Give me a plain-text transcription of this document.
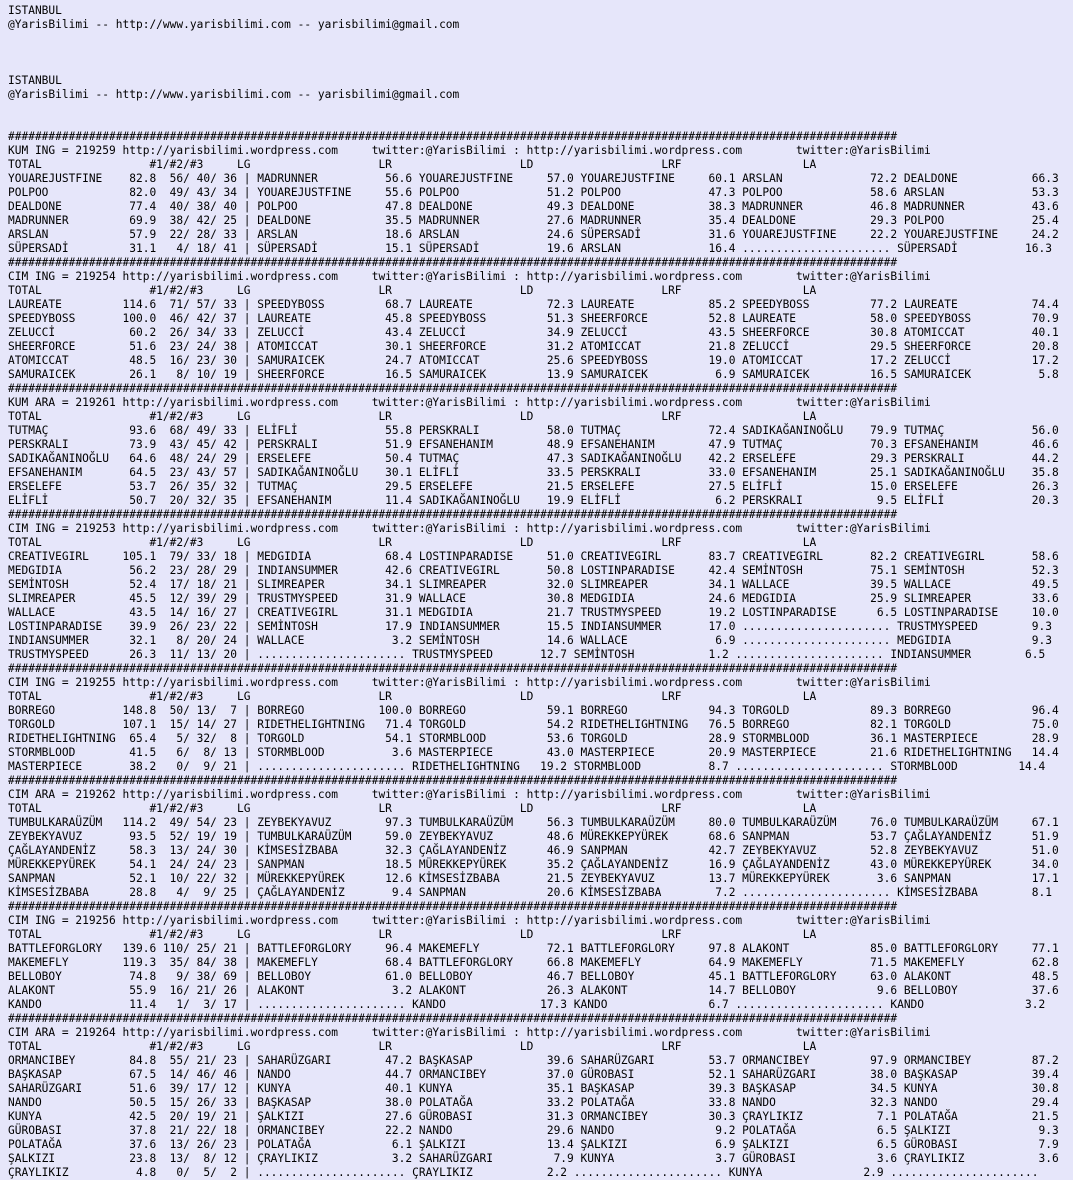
ISTANBUL
@YarisBilimi -- http://www.yarisbilimi.com -- yarisbilimi@gmail.com

ISTANBUL
@YarisBilimi -- http://www.yarisbilimi.com -- yarisbilimi@gmail.com

####################################################################################################################################
KUM ING = 219259 http://yarisbilimi.wordpress.com     twitter:@YarisBilimi : http://yarisbilimi.wordpress.com        twitter:@YarisBilimi
TOTAL                #1/#2/#3     LG                   LR                   LD                   LRF                  LA
YOUAREJUSTFINE    82.8  56/ 40/ 36 | MADRUNNER          56.6 YOUAREJUSTFINE     57.0 YOUAREJUSTFINE     60.1 ARSLAN             72.2 DEALDONE           66.3
POLPOO            82.0  49/ 43/ 34 | YOUAREJUSTFINE     55.6 POLPOO             51.2 POLPOO             47.3 POLPOO             58.6 ARSLAN             53.3
DEALDONE          77.4  40/ 38/ 40 | POLPOO             47.8 DEALDONE           49.3 DEALDONE           38.3 MADRUNNER          46.8 MADRUNNER          43.6
MADRUNNER         69.9  38/ 42/ 25 | DEALDONE           35.5 MADRUNNER          27.6 MADRUNNER          35.4 DEALDONE           29.3 POLPOO             25.4
ARSLAN            57.9  22/ 28/ 33 | ARSLAN             18.6 ARSLAN             24.6 SÜPERSADİ          31.6 YOUAREJUSTFINE     22.2 YOUAREJUSTFINE     24.2
SÜPERSADİ         31.1   4/ 18/ 41 | SÜPERSADİ          15.1 SÜPERSADİ          19.6 ARSLAN             16.4 ...................... SÜPERSADİ          16.3
####################################################################################################################################
CIM ING = 219254 http://yarisbilimi.wordpress.com     twitter:@YarisBilimi : http://yarisbilimi.wordpress.com        twitter:@YarisBilimi
TOTAL                #1/#2/#3     LG                   LR                   LD                   LRF                  LA
LAUREATE         114.6  71/ 57/ 33 | SPEEDYBOSS         68.7 LAUREATE           72.3 LAUREATE           85.2 SPEEDYBOSS         77.2 LAUREATE           74.4
SPEEDYBOSS       100.0  46/ 42/ 37 | LAUREATE           45.8 SPEEDYBOSS         51.3 SHEERFORCE         52.8 LAUREATE           58.0 SPEEDYBOSS         70.9
ZELUCCİ           60.2  26/ 34/ 33 | ZELUCCİ            43.4 ZELUCCİ            34.9 ZELUCCİ            43.5 SHEERFORCE         30.8 ATOMICCAT          40.1
SHEERFORCE        51.6  23/ 24/ 38 | ATOMICCAT          30.1 SHEERFORCE         31.2 ATOMICCAT          21.8 ZELUCCİ            29.5 SHEERFORCE         20.8
ATOMICCAT         48.5  16/ 23/ 30 | SAMURAICEK         24.7 ATOMICCAT          25.6 SPEEDYBOSS         19.0 ATOMICCAT          17.2 ZELUCCİ            17.2
SAMURAICEK        26.1   8/ 10/ 19 | SHEERFORCE         16.5 SAMURAICEK         13.9 SAMURAICEK          6.9 SAMURAICEK         16.5 SAMURAICEK          5.8
####################################################################################################################################
KUM ARA = 219261 http://yarisbilimi.wordpress.com     twitter:@YarisBilimi : http://yarisbilimi.wordpress.com        twitter:@YarisBilimi
TOTAL                #1/#2/#3     LG                   LR                   LD                   LRF                  LA
TUTMAÇ            93.6  68/ 49/ 33 | ELİFLİ             55.8 PERSKRALI          58.0 TUTMAÇ             72.4 SADIKAĞANINOĞLU    79.9 TUTMAÇ             56.0
PERSKRALI         73.9  43/ 45/ 42 | PERSKRALI          51.9 EFSANEHANIM        48.9 EFSANEHANIM        47.9 TUTMAÇ             70.3 EFSANEHANIM        46.6
SADIKAĞANINOĞLU   64.6  48/ 24/ 29 | ERSELEFE           50.4 TUTMAÇ             47.3 SADIKAĞANINOĞLU    42.2 ERSELEFE           29.3 PERSKRALI          44.2
EFSANEHANIM       64.5  23/ 43/ 57 | SADIKAĞANINOĞLU    30.1 ELİFLİ             33.5 PERSKRALI          33.0 EFSANEHANIM        25.1 SADIKAĞANINOĞLU    35.8
ERSELEFE          53.7  26/ 35/ 32 | TUTMAÇ             29.5 ERSELEFE           21.5 ERSELEFE           27.5 ELİFLİ             15.0 ERSELEFE           26.3
ELİFLİ            50.7  20/ 32/ 35 | EFSANEHANIM        11.4 SADIKAĞANINOĞLU    19.9 ELİFLİ              6.2 PERSKRALI           9.5 ELİFLİ             20.3
####################################################################################################################################
CIM ING = 219253 http://yarisbilimi.wordpress.com     twitter:@YarisBilimi : http://yarisbilimi.wordpress.com        twitter:@YarisBilimi
TOTAL                #1/#2/#3     LG                   LR                   LD                   LRF                  LA
CREATIVEGIRL     105.1  79/ 33/ 18 | MEDGIDIA           68.4 LOSTINPARADISE     51.0 CREATIVEGIRL       83.7 CREATIVEGIRL       82.2 CREATIVEGIRL       58.6
MEDGIDIA          56.2  23/ 28/ 29 | INDIANSUMMER       42.6 CREATIVEGIRL       50.8 LOSTINPARADISE     42.4 SEMİNTOSH          75.1 SEMİNTOSH          52.3
SEMİNTOSH         52.4  17/ 18/ 21 | SLIMREAPER         34.1 SLIMREAPER         32.0 SLIMREAPER         34.1 WALLACE            39.5 WALLACE            49.5
SLIMREAPER        45.5  12/ 39/ 29 | TRUSTMYSPEED       31.9 WALLACE            30.8 MEDGIDIA           24.6 MEDGIDIA           25.9 SLIMREAPER         33.6
WALLACE           43.5  14/ 16/ 27 | CREATIVEGIRL       31.1 MEDGIDIA           21.7 TRUSTMYSPEED       19.2 LOSTINPARADISE      6.5 LOSTINPARADISE     10.0
LOSTINPARADISE    39.9  26/ 23/ 22 | SEMİNTOSH          17.9 INDIANSUMMER       15.5 INDIANSUMMER       17.0 ...................... TRUSTMYSPEED        9.3
INDIANSUMMER      32.1   8/ 20/ 24 | WALLACE             3.2 SEMİNTOSH          14.6 WALLACE             6.9 ...................... MEDGIDIA            9.3
TRUSTMYSPEED      26.3  11/ 13/ 20 | ...................... TRUSTMYSPEED       12.7 SEMİNTOSH           1.2 ...................... INDIANSUMMER        6.5
####################################################################################################################################
CIM ING = 219255 http://yarisbilimi.wordpress.com     twitter:@YarisBilimi : http://yarisbilimi.wordpress.com        twitter:@YarisBilimi
TOTAL                #1/#2/#3     LG                   LR                   LD                   LRF                  LA
BORREGO          148.8  50/ 13/  7 | BORREGO           100.0 BORREGO            59.1 BORREGO            94.3 TORGOLD            89.3 BORREGO            96.4
TORGOLD          107.1  15/ 14/ 27 | RIDETHELIGHTNING   71.4 TORGOLD            54.2 RIDETHELIGHTNING   76.5 BORREGO            82.1 TORGOLD            75.0
RIDETHELIGHTNING  65.4   5/ 32/  8 | TORGOLD            54.1 STORMBLOOD         53.6 TORGOLD            28.9 STORMBLOOD         36.1 MASTERPIECE        28.9
STORMBLOOD        41.5   6/  8/ 13 | STORMBLOOD          3.6 MASTERPIECE        43.0 MASTERPIECE        20.9 MASTERPIECE        21.6 RIDETHELIGHTNING   14.4
MASTERPIECE       38.2   0/  9/ 21 | ...................... RIDETHELIGHTNING   19.2 STORMBLOOD          8.7 ...................... STORMBLOOD         14.4
####################################################################################################################################
CIM ARA = 219262 http://yarisbilimi.wordpress.com     twitter:@YarisBilimi : http://yarisbilimi.wordpress.com        twitter:@YarisBilimi
TOTAL                #1/#2/#3     LG                   LR                   LD                   LRF                  LA
TUMBULKARAÜZÜM   114.2  49/ 54/ 23 | ZEYBEKYAVUZ        97.3 TUMBULKARAÜZÜM     56.3 TUMBULKARAÜZÜM     80.0 TUMBULKARAÜZÜM     76.0 TUMBULKARAÜZÜM     67.1
ZEYBEKYAVUZ       93.5  52/ 19/ 19 | TUMBULKARAÜZÜM     59.0 ZEYBEKYAVUZ        48.6 MÜREKKEPYÜREK      68.6 SANPMAN            53.7 ÇAĞLAYANDENİZ      51.9
ÇAĞLAYANDENİZ     58.3  13/ 24/ 30 | KİMSESİZBABA       32.3 ÇAĞLAYANDENİZ      46.9 SANPMAN            42.7 ZEYBEKYAVUZ        52.8 ZEYBEKYAVUZ        51.0
MÜREKKEPYÜREK     54.1  24/ 24/ 23 | SANPMAN            18.5 MÜREKKEPYÜREK      35.2 ÇAĞLAYANDENİZ      16.9 ÇAĞLAYANDENİZ      43.0 MÜREKKEPYÜREK      34.0
SANPMAN           52.1  10/ 22/ 32 | MÜREKKEPYÜREK      12.6 KİMSESİZBABA       21.5 ZEYBEKYAVUZ        13.7 MÜREKKEPYÜREK       3.6 SANPMAN            17.1
KİMSESİZBABA      28.8   4/  9/ 25 | ÇAĞLAYANDENİZ       9.4 SANPMAN            20.6 KİMSESİZBABA        7.2 ...................... KİMSESİZBABA        8.1
####################################################################################################################################
CIM ING = 219256 http://yarisbilimi.wordpress.com     twitter:@YarisBilimi : http://yarisbilimi.wordpress.com        twitter:@YarisBilimi
TOTAL                #1/#2/#3     LG                   LR                   LD                   LRF                  LA
BATTLEFORGLORY   139.6 110/ 25/ 21 | BATTLEFORGLORY     96.4 MAKEMEFLY          72.1 BATTLEFORGLORY     97.8 ALAKONT            85.0 BATTLEFORGLORY     77.1
MAKEMEFLY        119.3  35/ 84/ 38 | MAKEMEFLY          68.4 BATTLEFORGLORY     66.8 MAKEMEFLY          64.9 MAKEMEFLY          71.5 MAKEMEFLY          62.8
BELLOBOY          74.8   9/ 38/ 69 | BELLOBOY           61.0 BELLOBOY           46.7 BELLOBOY           45.1 BATTLEFORGLORY     63.0 ALAKONT            48.5
ALAKONT           55.9  16/ 21/ 26 | ALAKONT             3.2 ALAKONT            26.3 ALAKONT            14.7 BELLOBOY            9.6 BELLOBOY           37.6
KANDO             11.4   1/  3/ 17 | ...................... KANDO              17.3 KANDO               6.7 ...................... KANDO               3.2
####################################################################################################################################
CIM ARA = 219264 http://yarisbilimi.wordpress.com     twitter:@YarisBilimi : http://yarisbilimi.wordpress.com        twitter:@YarisBilimi
TOTAL                #1/#2/#3     LG                   LR                   LD                   LRF                  LA
ORMANCIBEY        84.8  55/ 21/ 23 | SAHARÜZGARI        47.2 BAŞKASAP           39.6 SAHARÜZGARI        53.7 ORMANCIBEY         97.9 ORMANCIBEY         87.2
BAŞKASAP          67.5  14/ 46/ 46 | NANDO              44.7 ORMANCIBEY         37.0 GÜROBASI           52.1 SAHARÜZGARI        38.0 BAŞKASAP           39.4
SAHARÜZGARI       51.6  39/ 17/ 12 | KUNYA              40.1 KUNYA              35.1 BAŞKASAP           39.3 BAŞKASAP           34.5 KUNYA              30.8
NANDO             50.5  15/ 26/ 33 | BAŞKASAP           38.0 POLATAĞA           33.2 POLATAĞA           33.8 NANDO              32.3 NANDO              29.4
KUNYA             42.5  20/ 19/ 21 | ŞALKIZI            27.6 GÜROBASI           31.3 ORMANCIBEY         30.3 ÇRAYLIKIZ           7.1 POLATAĞA           21.5
GÜROBASI          37.8  21/ 22/ 18 | ORMANCIBEY         22.2 NANDO              29.6 NANDO               9.2 POLATAĞA            6.5 ŞALKIZI             9.3
POLATAĞA          37.6  13/ 26/ 23 | POLATAĞA            6.1 ŞALKIZI            13.4 ŞALKIZI             6.9 ŞALKIZI             6.5 GÜROBASI            7.9
ŞALKIZI           23.8  13/  8/ 12 | ÇRAYLIKIZ           3.2 SAHARÜZGARI         7.9 KUNYA               3.7 GÜROBASI            3.6 ÇRAYLIKIZ           3.6
ÇRAYLIKIZ          4.8   0/  5/  2 | ...................... ÇRAYLIKIZ           2.2 ...................... KUNYA               2.9 ......................
